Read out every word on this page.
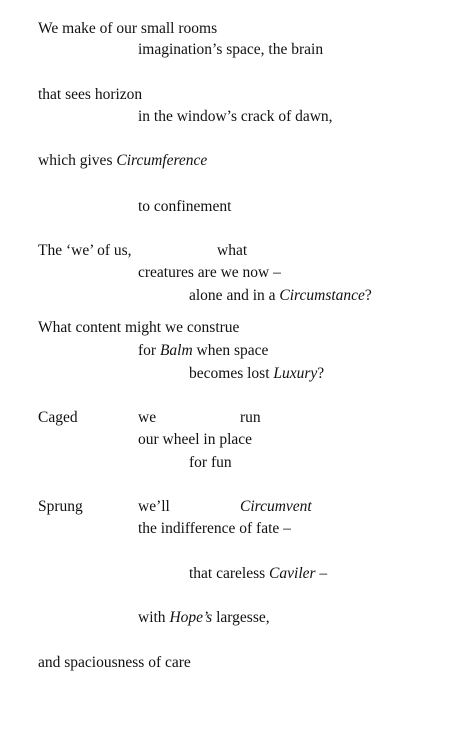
We make of our small rooms
imagination’s space, the brain
that sees horizon
in the window’s crack of dawn,
which gives Circumference
to confinement
The ‘we’ of us,	what
creatures are we now –
alone and in a Circumstance?
What content might we construe
for Balm when space
becomes lost Luxury?
Caged	we	run
our wheel in place
for fun
Sprung	we’ll	Circumvent
the indifference of fate –
that careless Caviler –
with Hope’s largesse,
and spaciousness of care
